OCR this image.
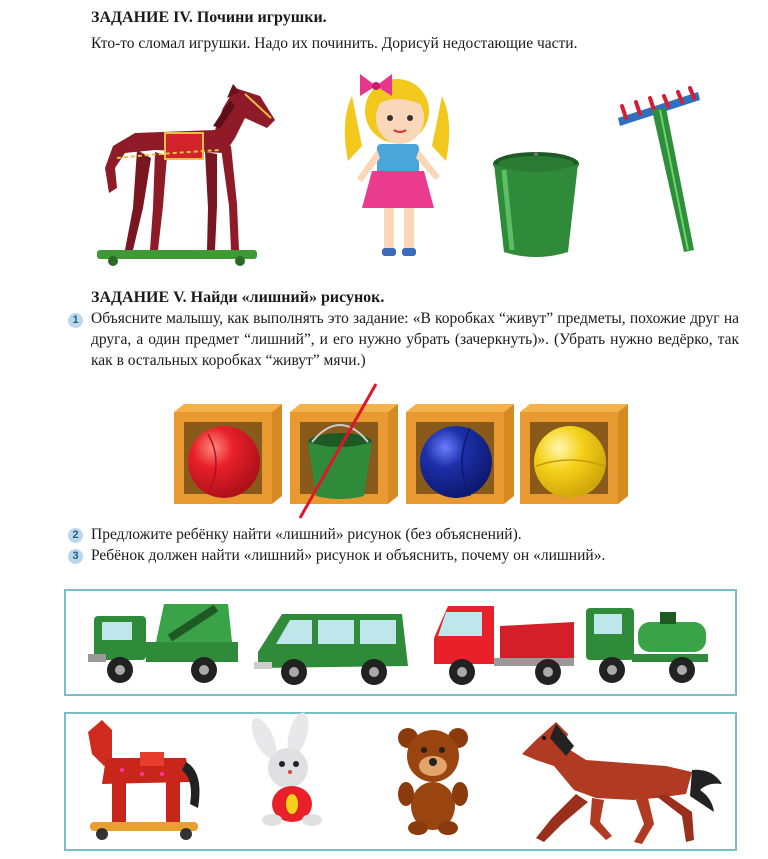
ЗАДАНИЕ IV. Почини игрушки.
Кто-то сломал игрушки. Надо их починить. Дорисуй недостающие части.
ЗАДАНИЕ V. Найди «лишний» рисунок.
1 Объясните малышу, как выполнять это задание: «В коробках “живут” предметы, похожие друг на друга, а один предмет “лишний”, и его нужно убрать (зачеркнуть)». (Убрать нужно ведёрко, так как в остальных коробках “живут” мячи.)
2 Предложите ребёнку найти «лишний» рисунок (без объяснений).
3 Ребёнок должен найти «лишний» рисунок и объяснить, почему он «лишний».
